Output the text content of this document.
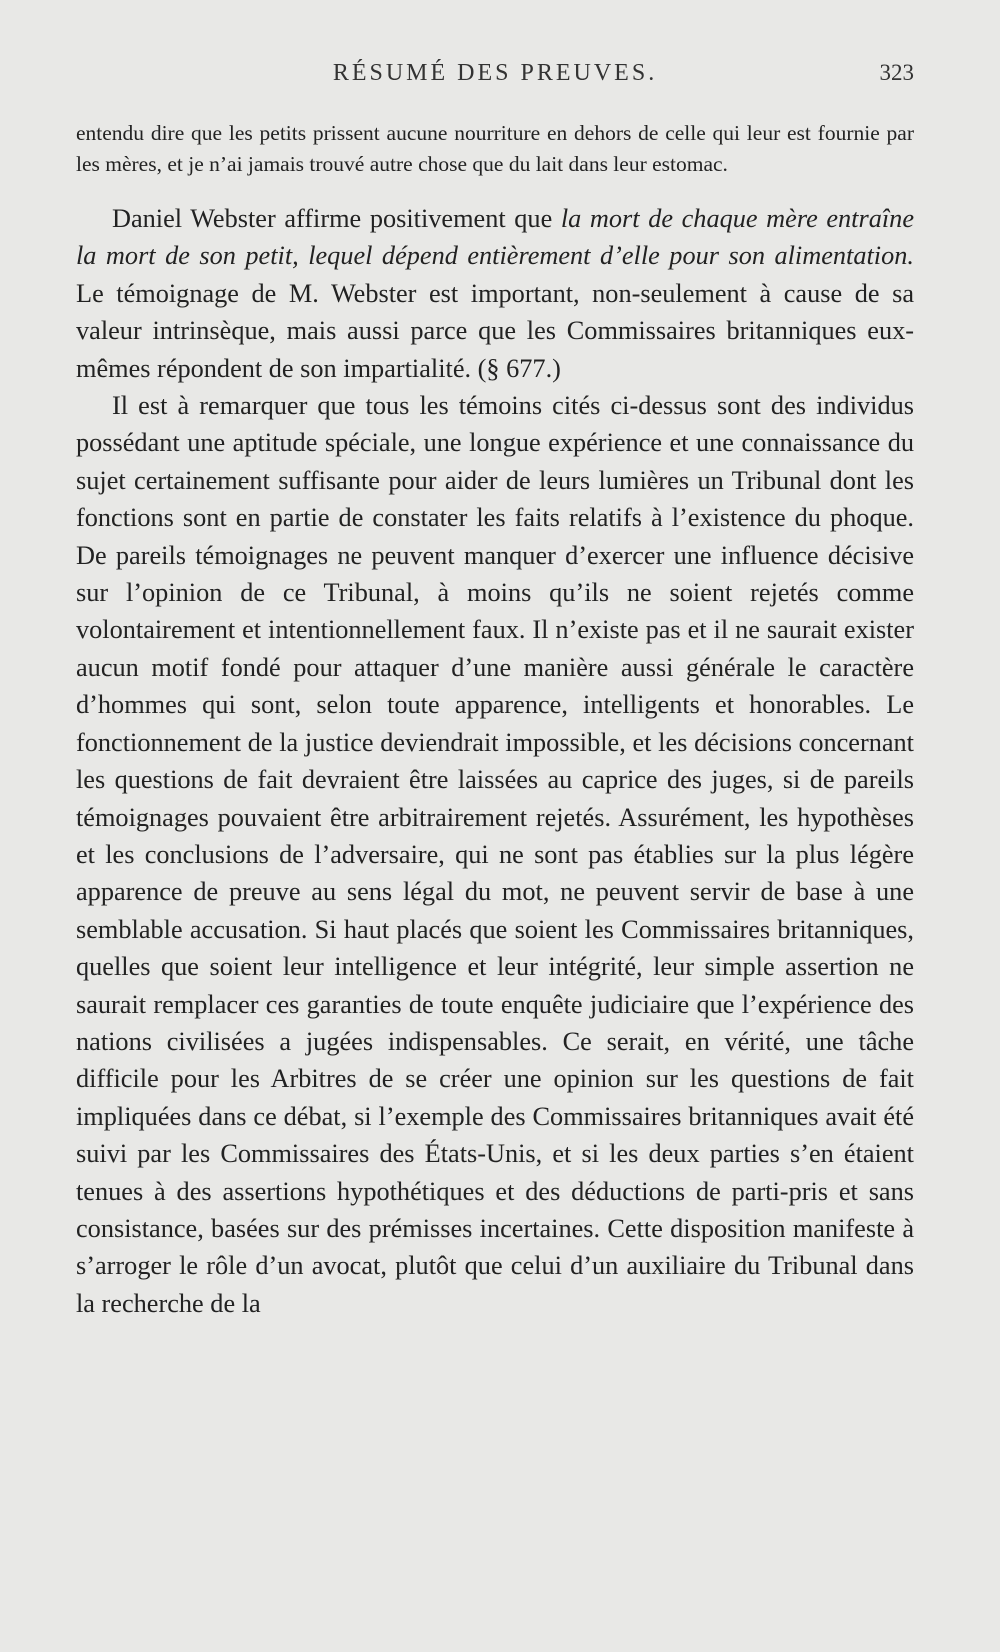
RÉSUMÉ DES PREUVES.	323

entendu dire que les petits prissent aucune nourriture en dehors de celle qui leur est fournie par les mères, et je n’ai jamais trouvé autre chose que du lait dans leur estomac.

Daniel Webster affirme positivement que la mort de chaque mère entraîne la mort de son petit, lequel dépend entièrement d’elle pour son alimentation. Le témoignage de M. Webster est important, non-seulement à cause de sa valeur intrinsèque, mais aussi parce que les Commissaires britanniques eux-mêmes répondent de son impartialité. (§ 677.)

Il est à remarquer que tous les témoins cités ci-dessus sont des individus possédant une aptitude spéciale, une longue expérience et une connaissance du sujet certainement suffisante pour aider de leurs lumières un Tribunal dont les fonctions sont en partie de constater les faits relatifs à l’existence du phoque. De pareils témoignages ne peuvent manquer d’exercer une influence décisive sur l’opinion de ce Tribunal, à moins qu’ils ne soient rejetés comme volontairement et intentionnellement faux. Il n’existe pas et il ne saurait exister aucun motif fondé pour attaquer d’une manière aussi générale le caractère d’hommes qui sont, selon toute apparence, intelligents et honorables. Le fonctionnement de la justice deviendrait impossible, et les décisions concernant les questions de fait devraient être laissées au caprice des juges, si de pareils témoignages pouvaient être arbitrairement rejetés. Assurément, les hypothèses et les conclusions de l’adversaire, qui ne sont pas établies sur la plus légère apparence de preuve au sens légal du mot, ne peuvent servir de base à une semblable accusation. Si haut placés que soient les Commissaires britanniques, quelles que soient leur intelligence et leur intégrité, leur simple assertion ne saurait remplacer ces garanties de toute enquête judiciaire que l’expérience des nations civilisées a jugées indispensables. Ce serait, en vérité, une tâche difficile pour les Arbitres de se créer une opinion sur les questions de fait impliquées dans ce débat, si l’exemple des Commissaires britanniques avait été suivi par les Commissaires des États-Unis, et si les deux parties s’en étaient tenues à des assertions hypothétiques et des déductions de parti-pris et sans consistance, basées sur des prémisses incertaines. Cette disposition manifeste à s’arroger le rôle d’un avocat, plutôt que celui d’un auxiliaire du Tribunal dans la recherche de la
